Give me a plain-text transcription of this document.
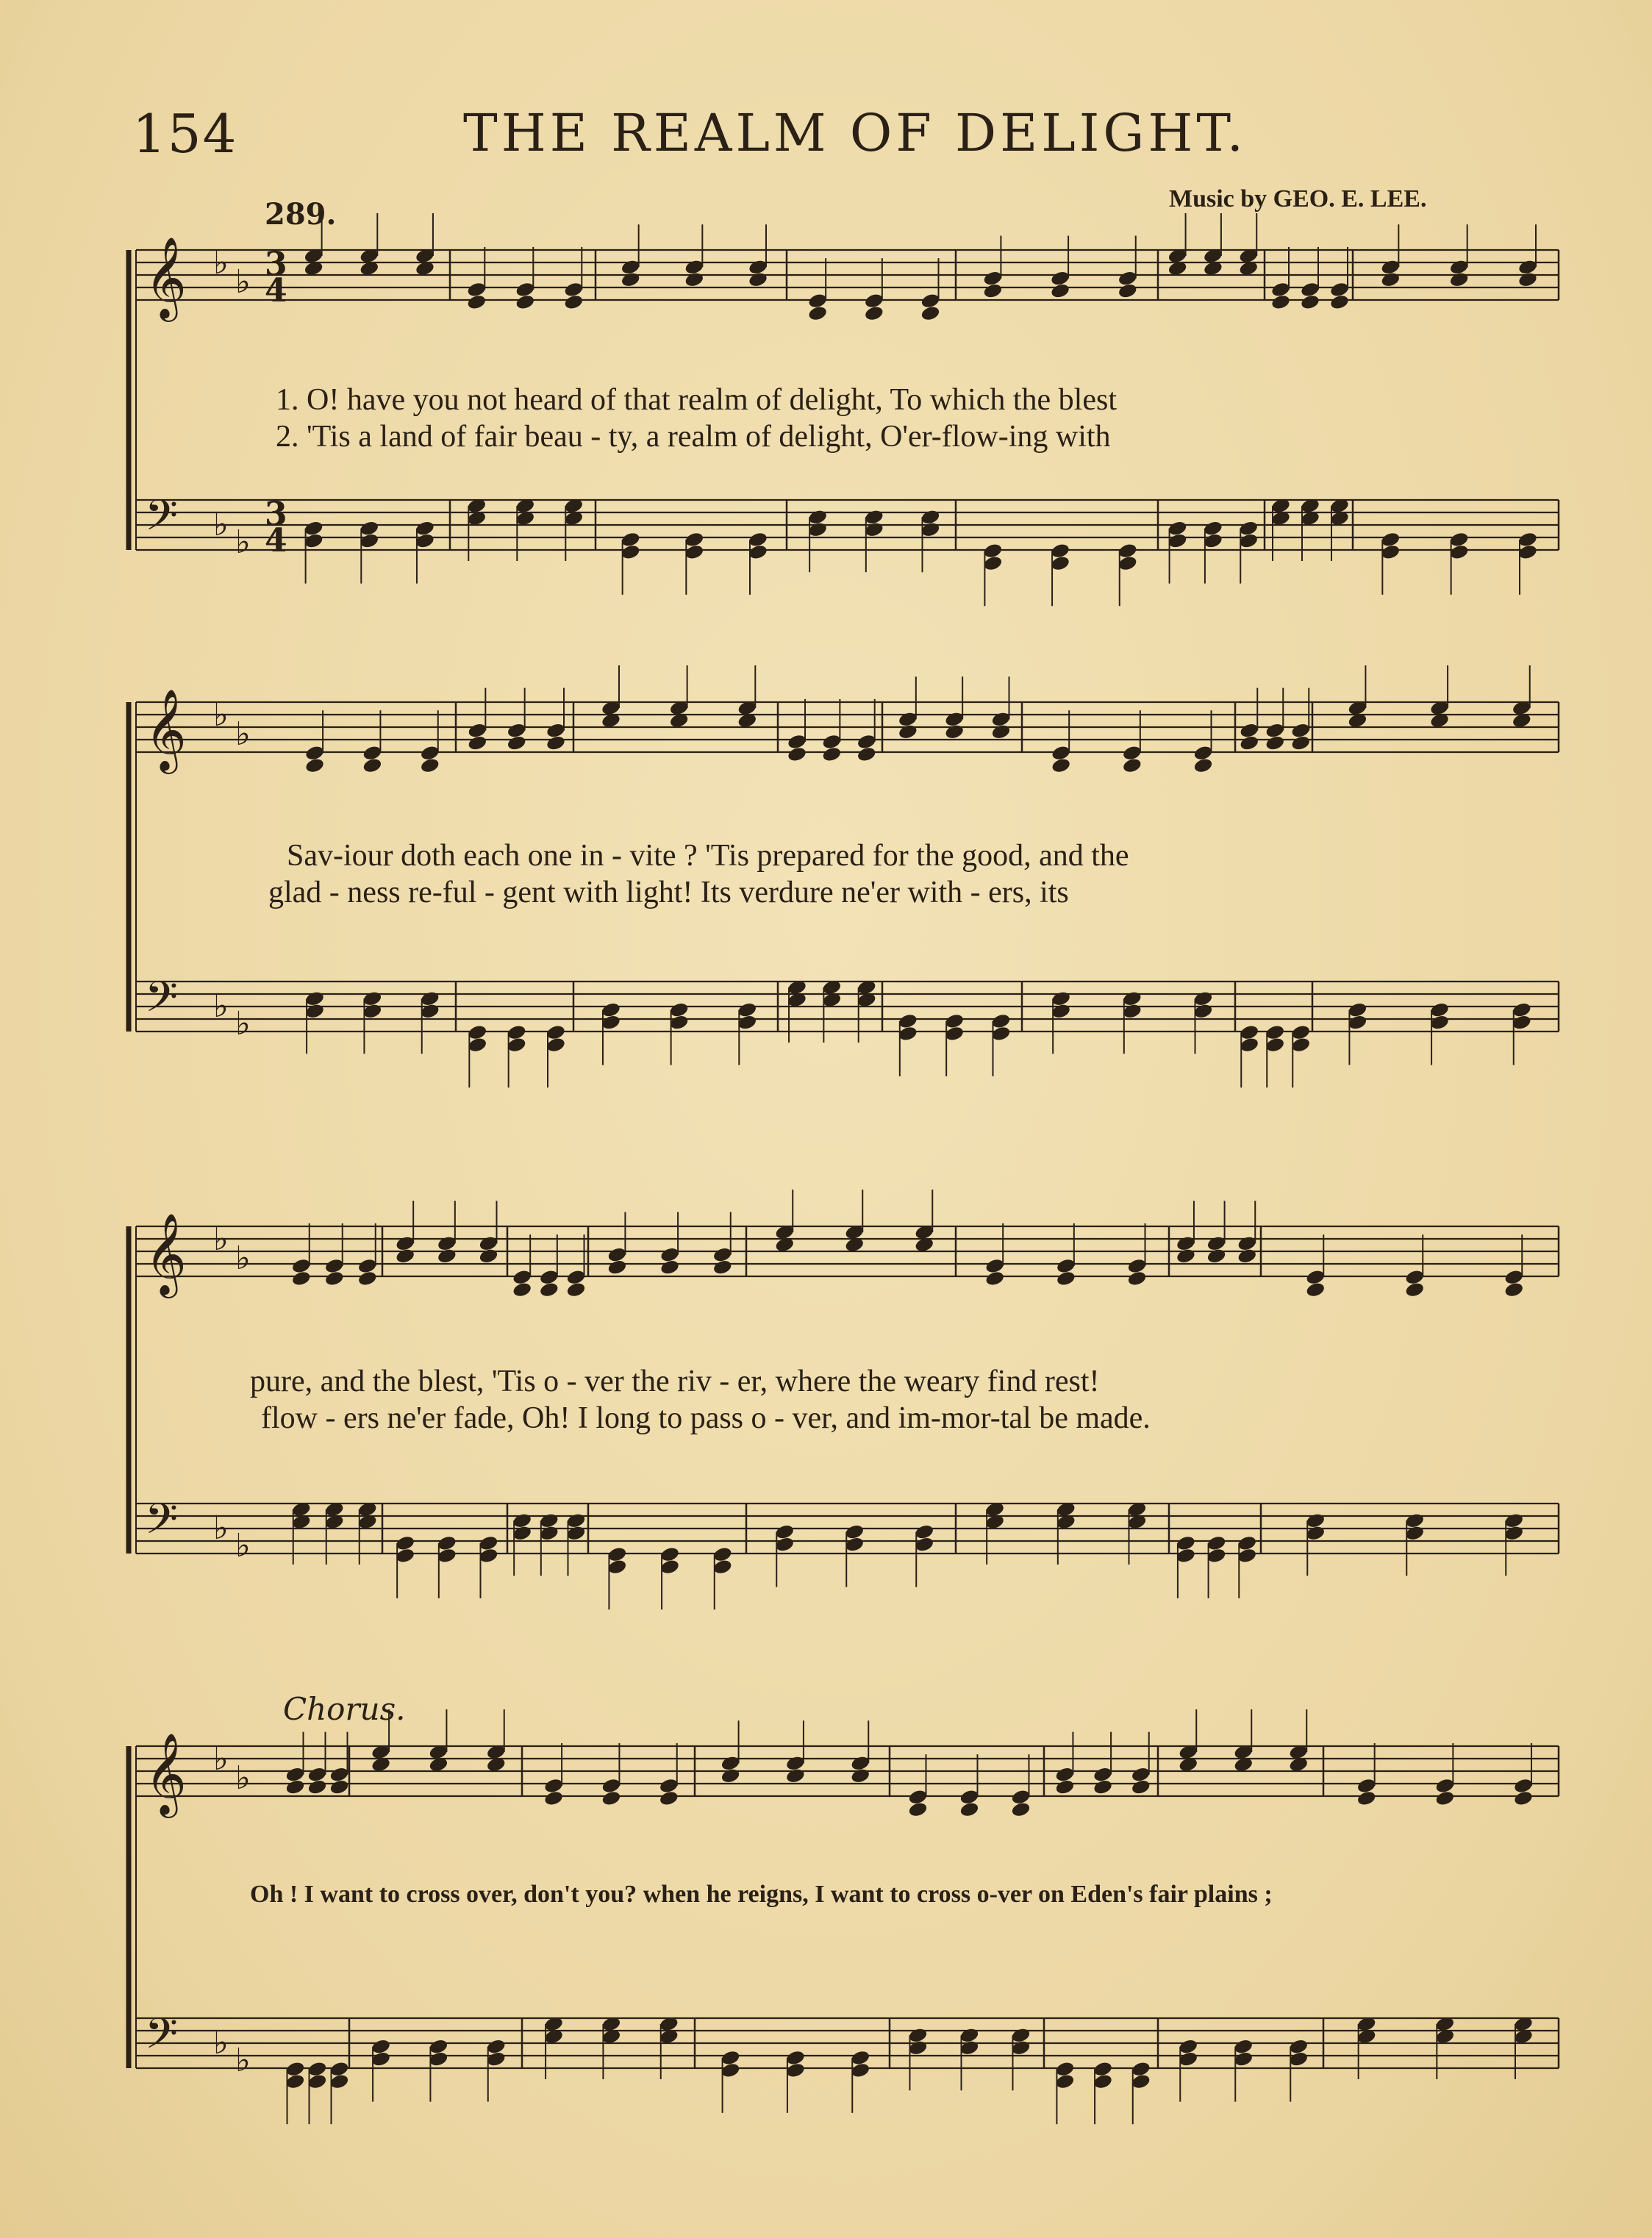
𝄞 ♭
♭
𝄢 ♭ ♭
𝄞 ♭
♭
𝄢 ♭ ♭
𝄞 ♭
♭
𝄢 ♭ ♭
𝄞 ♭
♭
𝄢 ♭ ♭
3
4
3
4
154	THE REALM OF DELIGHT.
289.	Music by GEO. E. LEE.
1. O! have you not heard of that realm of delight, To which the blest
2. 'Tis a land of fair beau - ty, a realm of delight, O'er-flow-ing with
Sav-iour doth each one in - vite ? 'Tis prepared for the good, and the
glad - ness re-ful - gent with light! Its verdure ne'er with - ers, its
pure, and the blest, 'Tis o - ver the riv - er, where the weary find rest!
flow - ers ne'er fade, Oh! I long to pass o - ver, and im-mor-tal be made.
Chorus.
Oh ! I want to cross over, don't you? when he reigns, I want to cross o-ver on Eden's fair plains ;
